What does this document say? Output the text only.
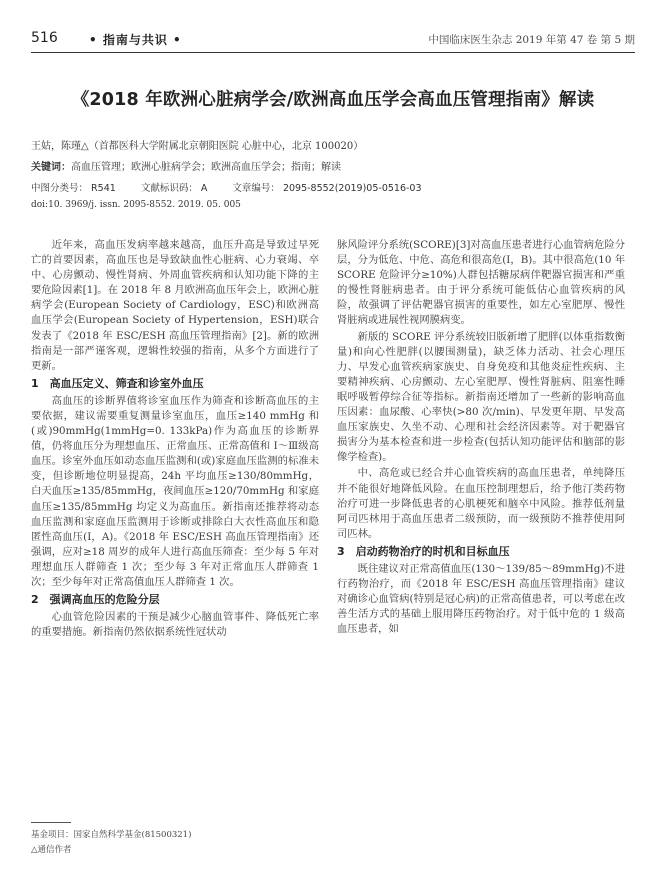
516	• 指南与共识 •	中国临床医生杂志 2019 年第 47 卷 第 5 期
《2018 年欧洲心脏病学会/欧洲高血压学会高血压管理指南》解读
王姑，陈瑾△（首都医科大学附属北京朝阳医院 心脏中心，北京 100020）
关键词：高血压管理；欧洲心脏病学会；欧洲高血压学会；指南；解读
中图分类号： R541	文献标识码： A	文章编号： 2095-8552(2019)05-0516-03
doi:10. 3969/j. issn. 2095-8552. 2019. 05. 005

近年来，高血压发病率越来越高，血压升高是导致过早死亡的首要因素，高血压也是导致缺血性心脏病、心力衰竭、卒中、心房颤动、慢性肾病、外周血管疾病和认知功能下降的主要危险因素[1]。在 2018 年 8 月欧洲高血压年会上，欧洲心脏病学会(European Society of Cardiology，ESC)和欧洲高血压学会(European Society of Hypertension，ESH)联合发表了《2018 年 ESC/ESH 高血压管理指南》[2]。新的欧洲指南是一部严谨客观，逻辑性较强的指南，从多个方面进行了更新。

1　高血压定义、筛查和诊室外血压

高血压的诊断界值将诊室血压作为筛查和诊断高血压的主要依据，建议需要重复测量诊室血压，血压≥140 mmHg 和(或)90mmHg(1mmHg=0. 133kPa)作为高血压的诊断界值，仍将血压分为理想血压、正常血压、正常高值和 Ⅰ～Ⅲ级高血压。诊室外血压如动态血压监测和(或)家庭血压监测的标准未变，但诊断地位明显提高，24h 平均血压≥130/80mmHg，白天血压≥135/85mmHg，夜间血压≥120/70mmHg 和家庭血压≥135/85mmHg 均定义为高血压。新指南还推荐将动态血压监测和家庭血压监测用于诊断或排除白大衣性高血压和隐匿性高血压(Ⅰ，A)。《2018 年 ESC/ESH 高血压管理指南》还强调，应对≥18 周岁的成年人进行高血压筛查：至少每 5 年对理想血压人群筛查 1 次；至少每 3 年对正常血压人群筛查 1 次；至少每年对正常高值血压人群筛查 1 次。

2　强调高血压的危险分层

心血管危险因素的干预是减少心脑血管事件、降低死亡率的重要措施。新指南仍然依据系统性冠状动

脉风险评分系统(SCORE)[3]对高血压患者进行心血管病危险分层，分为低危、中危、高危和很高危(Ⅰ，B)。其中很高危(10 年 SCORE 危险评分≥10%)人群包括糖尿病伴靶器官损害和严重的慢性肾脏病患者。由于评分系统可能低估心血管疾病的风险，故强调了评估靶器官损害的重要性，如左心室肥厚、慢性肾脏病或进展性视网膜病变。

新版的 SCORE 评分系统较旧版新增了肥胖(以体重指数衡量)和向心性肥胖(以腰围测量)，缺乏体力活动、社会心理压力、早发心血管疾病家族史、自身免疫和其他炎症性疾病、主要精神疾病、心房颤动、左心室肥厚、慢性肾脏病、阻塞性睡眠呼吸暂停综合征等指标。新指南还增加了一些新的影响高血压因素：血尿酸、心率快(>80 次/min)、早发更年期、早发高血压家族史、久坐不动、心理和社会经济因素等。对于靶器官损害分为基本检查和进一步检查(包括认知功能评估和脑部的影像学检查)。

中、高危或已经合并心血管疾病的高血压患者，单纯降压并不能很好地降低风险。在血压控制理想后，给予他汀类药物治疗可进一步降低患者的心肌梗死和脑卒中风险。推荐低剂量阿司匹林用于高血压患者二级预防，而一级预防不推荐使用阿司匹林。

3　启动药物治疗的时机和目标血压

既往建议对正常高值血压(130～139/85～89mmHg)不进行药物治疗，而《2018 年 ESC/ESH 高血压管理指南》建议对确诊心血管病(特别是冠心病)的正常高值患者，可以考虑在改善生活方式的基础上服用降压药物治疗。对于低中危的 1 级高血压患者，如

基金项目：国家自然科学基金(81500321)
△通信作者
